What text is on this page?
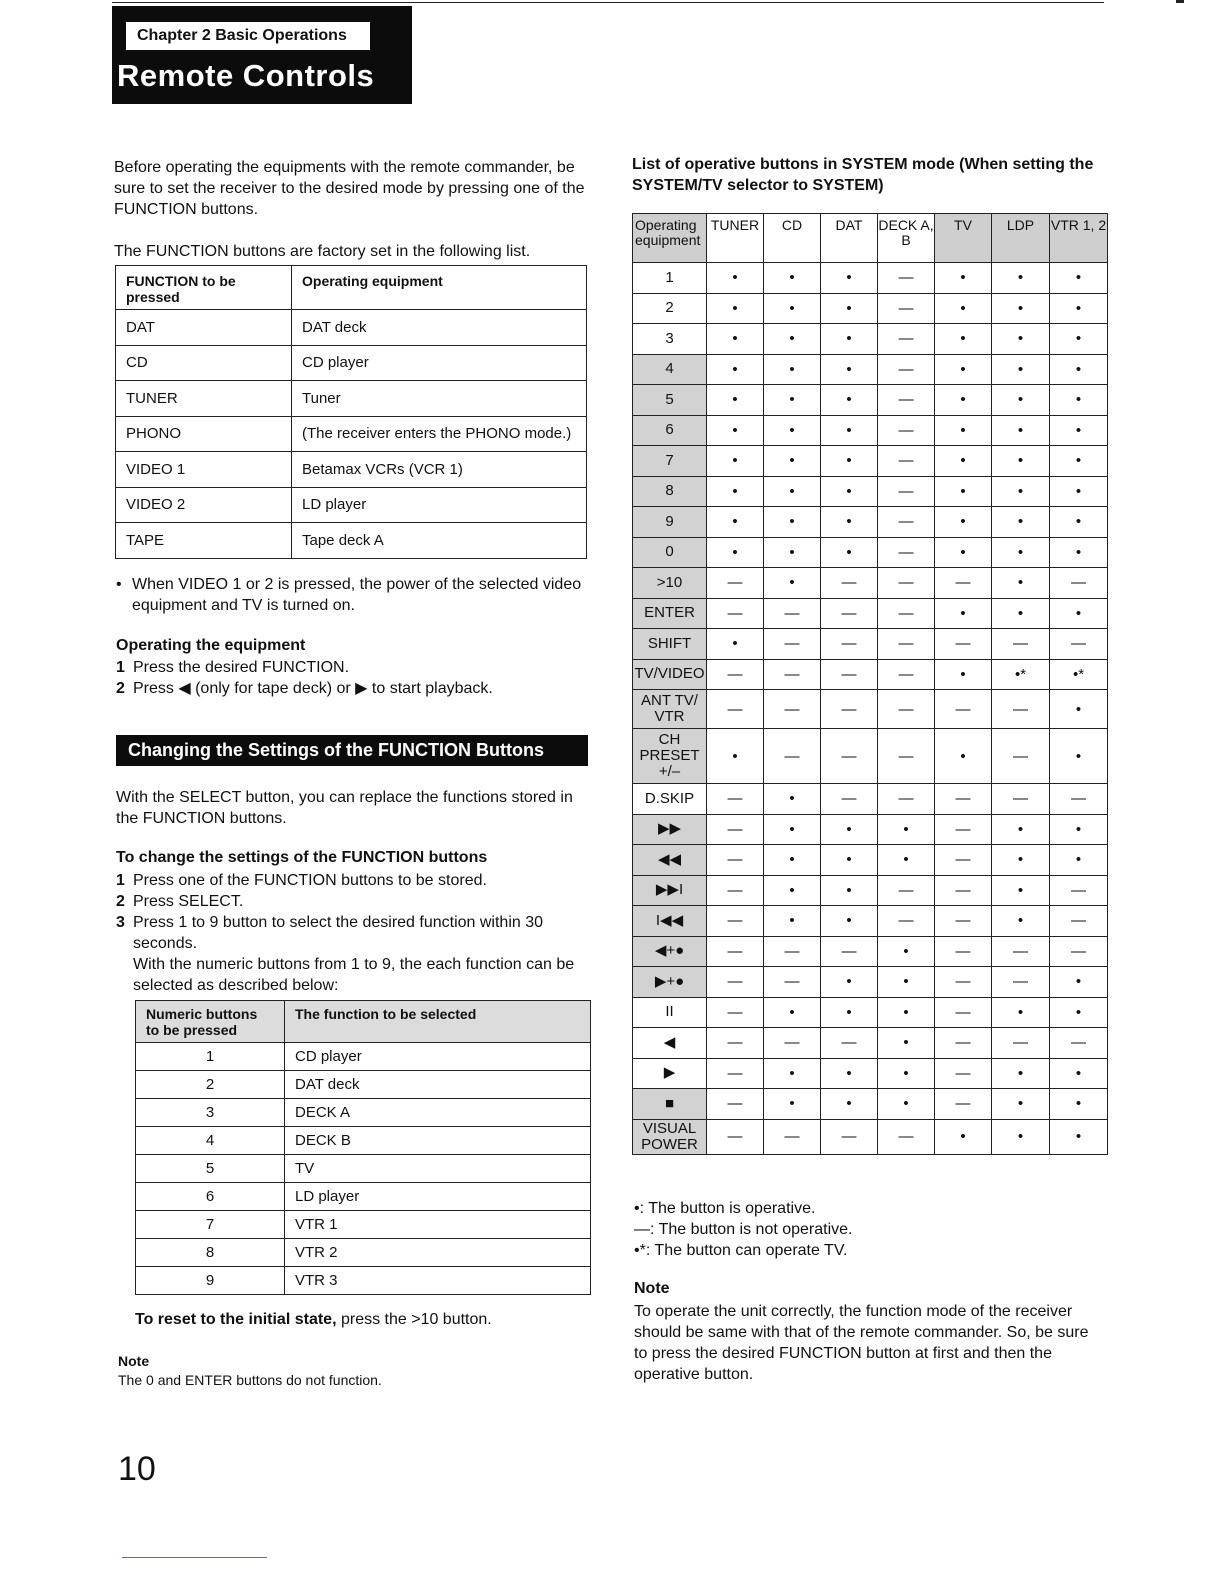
Chapter 2 Basic Operations
Remote Controls

Before operating the equipments with the remote commander, be sure to set the receiver to the desired mode by pressing one of the FUNCTION buttons.

The FUNCTION buttons are factory set in the following list.

FUNCTION to be pressed	Operating equipment
DAT	DAT deck
CD	CD player
TUNER	Tuner
PHONO	(The receiver enters the PHONO mode.)
VIDEO 1	Betamax VCRs (VCR 1)
VIDEO 2	LD player
TAPE	Tape deck A
• When VIDEO 1 or 2 is pressed, the power of the selected video equipment and TV is turned on.
Operating the equipment
1 Press the desired FUNCTION.
2 Press ◀ (only for tape deck) or ▶ to start playback.
Changing the Settings of the FUNCTION Buttons

With the SELECT button, you can replace the functions stored in the FUNCTION buttons.

To change the settings of the FUNCTION buttons
1 Press one of the FUNCTION buttons to be stored.
2 Press SELECT.
3 Press 1 to 9 button to select the desired function within 30 seconds.
With the numeric buttons from 1 to 9, the each function can be selected as described below:
Numeric buttons to be pressed	The function to be selected
1	CD player
2	DAT deck
3	DECK A
4	DECK B
5	TV
6	LD player
7	VTR 1
8	VTR 2
9	VTR 3
To reset to the initial state, press the >10 button.
Note
The 0 and ENTER buttons do not function.
10
List of operative buttons in SYSTEM mode (When setting the SYSTEM/TV selector to SYSTEM)
Operating equipment	TUNER	CD	DAT	DECK A, B	TV	LDP	VTR 1, 2
1	•	•	•	—	•	•	•
2	•	•	•	—	•	•	•
3	•	•	•	—	•	•	•
4	•	•	•	—	•	•	•
5	•	•	•	—	•	•	•
6	•	•	•	—	•	•	•
7	•	•	•	—	•	•	•
8	•	•	•	—	•	•	•
9	•	•	•	—	•	•	•
0	•	•	•	—	•	•	•
>10	—	•	—	—	—	•	—
ENTER	—	—	—	—	•	•	•
SHIFT	•	—	—	—	—	—	—
TV/VIDEO	—	—	—	—	•	•*	•*
ANT TV/ VTR	—	—	—	—	—	—	•
CH PRESET +/–	•	—	—	—	•	—	•
D.SKIP	—	•	—	—	—	—	—
▶▶	—	•	•	•	—	•	•
◀◀	—	•	•	•	—	•	•
▶▶I	—	•	•	—	—	•	—
I◀◀	—	•	•	—	—	•	—
◀+●	—	—	—	•	—	—	—
▶+●	—	—	•	•	—	—	•
II	—	•	•	•	—	•	•
◀	—	—	—	•	—	—	—
▶	—	•	•	•	—	•	•
■	—	•	•	•	—	•	•
VISUAL POWER	—	—	—	—	•	•	•
•: The button is operative.
—: The button is not operative.
•*: The button can operate TV.
Note

To operate the unit correctly, the function mode of the receiver should be same with that of the remote commander. So, be sure to press the desired FUNCTION button at first and then the operative button.
